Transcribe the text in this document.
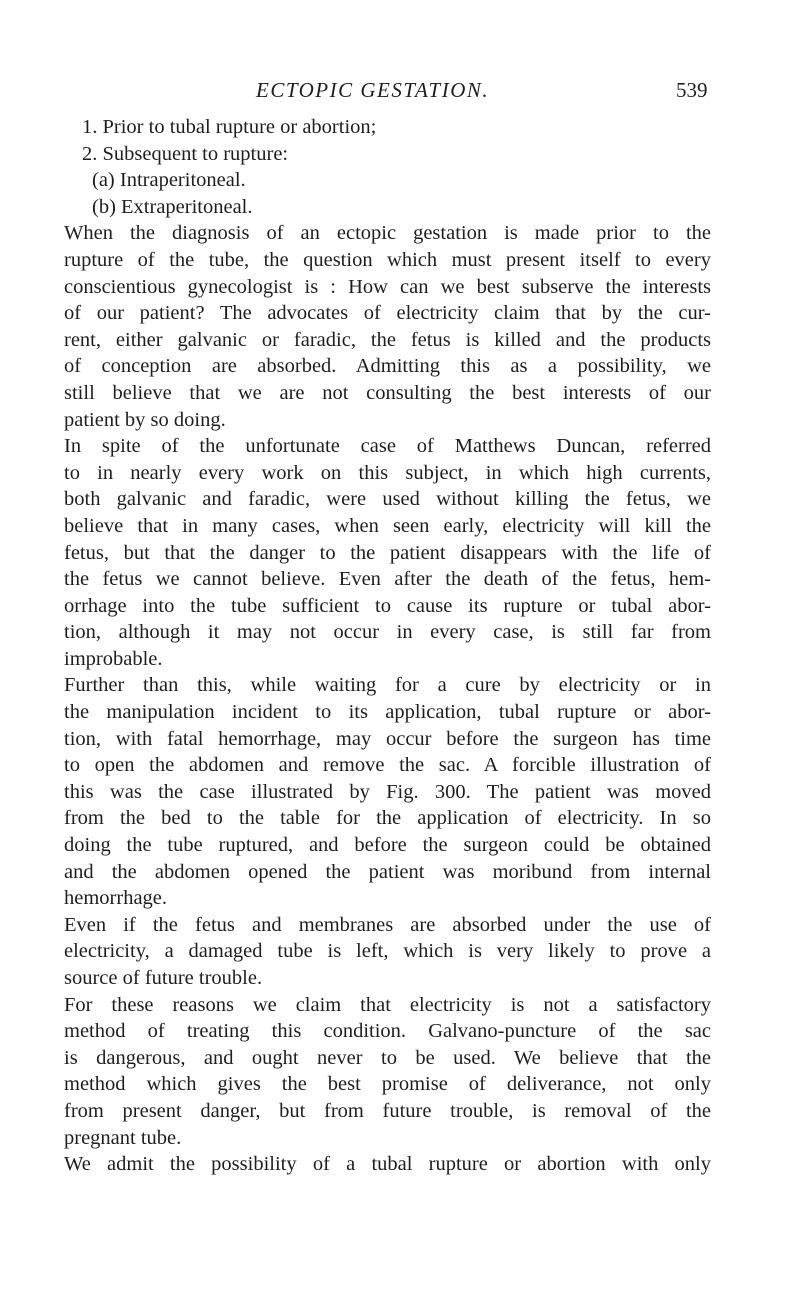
ECTOPIC GESTATION.	539
1. Prior to tubal rupture or abortion;
2. Subsequent to rupture:
(a) Intraperitoneal.
(b) Extraperitoneal.
When the diagnosis of an ectopic gestation is made prior to the
rupture of the tube, the question which must present itself to every
conscientious gynecologist is : How can we best subserve the interests
of our patient? The advocates of electricity claim that by the cur-
rent, either galvanic or faradic, the fetus is killed and the products
of conception are absorbed. Admitting this as a possibility, we
still believe that we are not consulting the best interests of our
patient by so doing.
In spite of the unfortunate case of Matthews Duncan, referred
to in nearly every work on this subject, in which high currents,
both galvanic and faradic, were used without killing the fetus, we
believe that in many cases, when seen early, electricity will kill the
fetus, but that the danger to the patient disappears with the life of
the fetus we cannot believe. Even after the death of the fetus, hem-
orrhage into the tube sufficient to cause its rupture or tubal abor-
tion, although it may not occur in every case, is still far from
improbable.
Further than this, while waiting for a cure by electricity or in
the manipulation incident to its application, tubal rupture or abor-
tion, with fatal hemorrhage, may occur before the surgeon has time
to open the abdomen and remove the sac. A forcible illustration of
this was the case illustrated by Fig. 300. The patient was moved
from the bed to the table for the application of electricity. In so
doing the tube ruptured, and before the surgeon could be obtained
and the abdomen opened the patient was moribund from internal
hemorrhage.
Even if the fetus and membranes are absorbed under the use of
electricity, a damaged tube is left, which is very likely to prove a
source of future trouble.
For these reasons we claim that electricity is not a satisfactory
method of treating this condition. Galvano-puncture of the sac
is dangerous, and ought never to be used. We believe that the
method which gives the best promise of deliverance, not only
from present danger, but from future trouble, is removal of the
pregnant tube.
We admit the possibility of a tubal rupture or abortion with only
